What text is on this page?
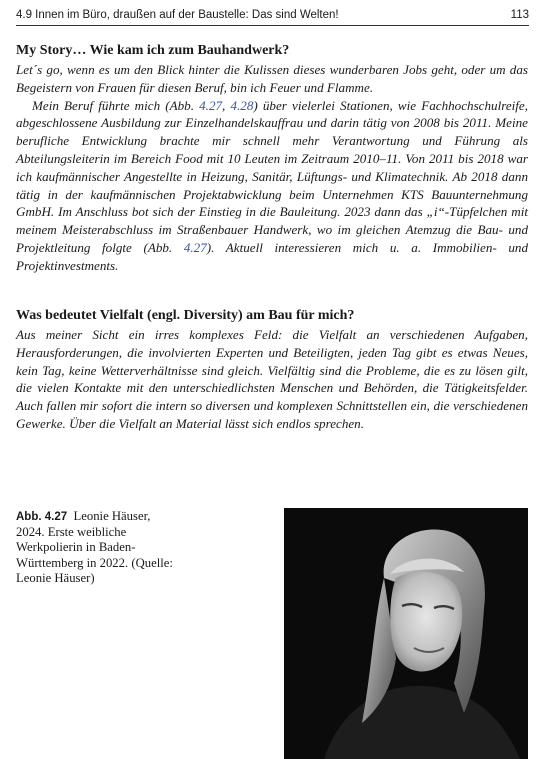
4.9 Innen im Büro, draußen auf der Baustelle: Das sind Welten!	113
My Story… Wie kam ich zum Bauhandwerk?

Let´s go, wenn es um den Blick hinter die Kulissen dieses wunderbaren Jobs geht, oder um das Begeistern von Frauen für diesen Beruf, bin ich Feuer und Flamme.

Mein Beruf führte mich (Abb. 4.27, 4.28) über vielerlei Stationen, wie Fachhochschulreife, abgeschlossene Ausbildung zur Einzelhandelskauffrau und darin tätig von 2008 bis 2011. Meine berufliche Entwicklung brachte mir schnell mehr Verantwortung und Führung als Abteilungsleiterin im Bereich Food mit 10 Leuten im Zeitraum 2010–11. Von 2011 bis 2018 war ich kaufmännischer Angestellte in Heizung, Sanitär, Lüftungs- und Klimatechnik. Ab 2018 dann tätig in der kaufmännischen Projektabwicklung beim Unternehmen KTS Bauunternehmung GmbH. Im Anschluss bot sich der Einstieg in die Bauleitung. 2023 dann das „i“-Tüpfelchen mit meinem Meisterabschluss im Straßenbauer Handwerk, wo im gleichen Atemzug die Bau- und Projektleitung folgte (Abb. 4.27). Aktuell interessieren mich u. a. Immobilien- und Projektinvestments.

Was bedeutet Vielfalt (engl. Diversity) am Bau für mich?

Aus meiner Sicht ein irres komplexes Feld: die Vielfalt an verschiedenen Aufgaben, Herausforderungen, die involvierten Experten und Beteiligten, jeden Tag gibt es etwas Neues, kein Tag, keine Wetterverhältnisse sind gleich. Vielfältig sind die Probleme, die es zu lösen gilt, die vielen Kontakte mit den unterschiedlichsten Menschen und Behörden, die Tätigkeitsfelder. Auch fallen mir sofort die intern so diversen und komplexen Schnittstellen ein, die verschiedenen Gewerke. Über die Vielfalt an Material lässt sich endlos sprechen.

Abb. 4.27 Leonie Häuser,
2024. Erste weibliche
Werkpolierin in Baden-
Württemberg in 2022. (Quelle:
Leonie Häuser)
